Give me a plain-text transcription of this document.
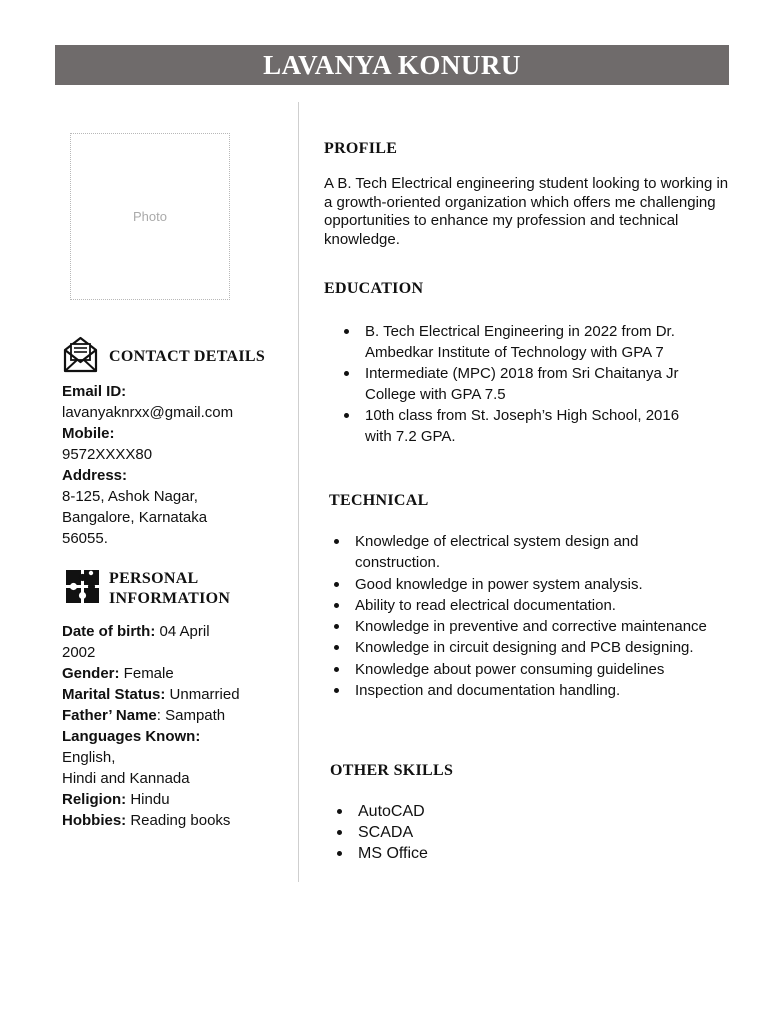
LAVANYA KONURU
Photo
CONTACT DETAILS
Email ID:
lavanyaknrxx@gmail.com
Mobile:
9572XXXX80
Address:
8-125, Ashok Nagar,
Bangalore, Karnataka
56055.
PERSONAL
INFORMATION
Date of birth: 04 April
2002
Gender: Female
Marital Status: Unmarried
Father’ Name: Sampath
Languages Known:
English,
Hindi and Kannada
Religion: Hindu
Hobbies: Reading books
PROFILE
A B. Tech Electrical engineering student looking to working in a growth-oriented organization which offers me challenging opportunities to enhance my profession and technical knowledge.
EDUCATION
B. Tech Electrical Engineering in 2022 from Dr. Ambedkar Institute of Technology with GPA 7
Intermediate (MPC) 2018 from Sri Chaitanya Jr College with GPA 7.5
10th class from St. Joseph’s High School, 2016 with 7.2 GPA.
TECHNICAL
Knowledge of electrical system design and construction.
Good knowledge in power system analysis.
Ability to read electrical documentation.
Knowledge in preventive and corrective maintenance
Knowledge in circuit designing and PCB designing.
Knowledge about power consuming guidelines
Inspection and documentation handling.
OTHER SKILLS
AutoCAD
SCADA
MS Office
